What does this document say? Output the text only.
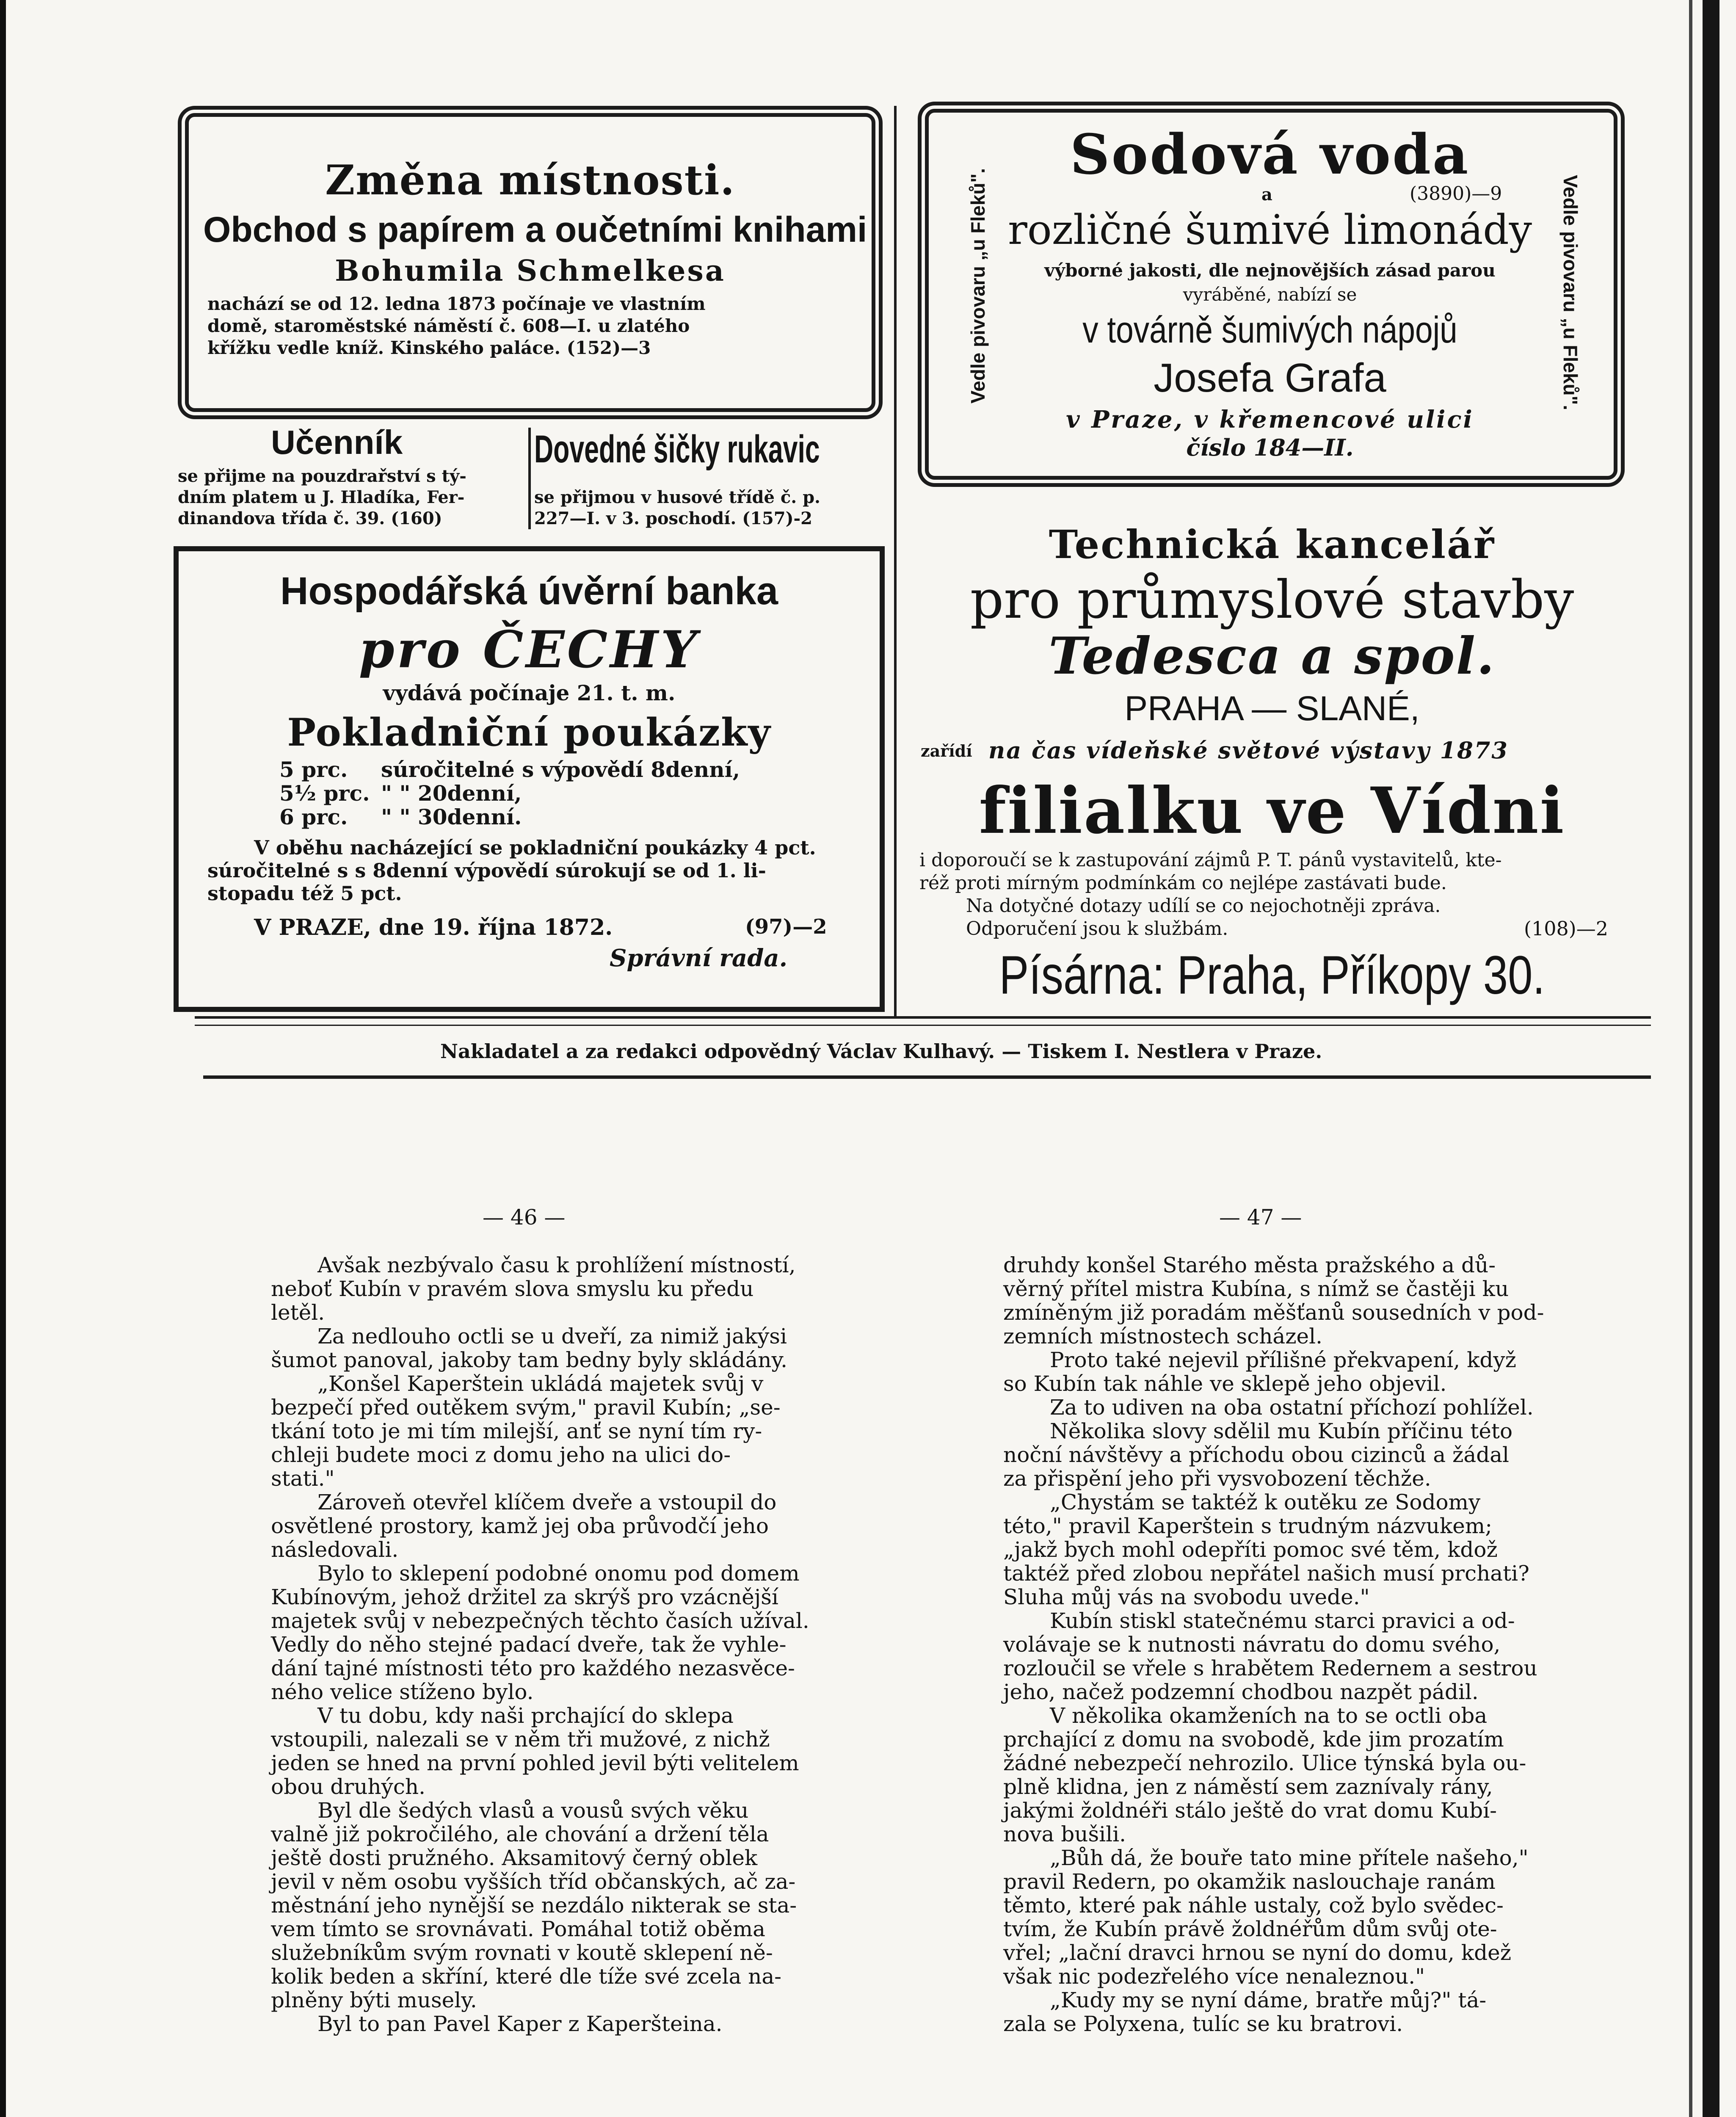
Změna místnosti.
Obchod s papírem a oučetními knihami
Bohumila Schmelkesa

nachází se od 12. ledna 1873 počínaje ve vlastním

domě, staroměstské náměstí č. 608—I. u zlatého

křížku vedle kníž. Kinského paláce. (152)—3

Učenník

se přijme na pouzdrařství s tý-

dním platem u J. Hladíka, Fer-

dinandova třída č. 39. (160)

Dovedné šičky rukavic

se přijmou v husové třídě č. p.

227—I. v 3. poschodí. (157)-2

Hospodářská úvěrní banka
pro ČECHY
vydává počínaje 21. t. m.
Pokladniční poukázky

5 prc. súročitelné s výpovědí 8denní,

5½ prc. " " 20denní,

6 prc. " " 30denní.

V oběhu nacházející se pokladniční poukázky 4 pct.

súročitelné s s 8denní výpovědí súrokují se od 1. li-

stopadu též 5 pct.

V PRAZE, dne 19. října 1872.	(97)—2
Správní rada.
Sodová voda
a	(3890)—9
rozličné šumivé limonády
výborné jakosti, dle nejnovějších zásad parou
vyráběné, nabízí se
v továrně šumivých nápojů
Josefa Grafa
v Praze, v křemencové ulici
číslo 184—II.
Vedle pivovaru „u Fleků".	Vedle pivovaru „u Fleků".
Technická kancelář
pro průmyslové stavby
Tedesca a spol.
PRAHA — SLANÉ,
zařídí na čas vídeňské světové výstavy 1873
filialku ve Vídni

i doporoučí se k zastupování zájmů P. T. pánů vystavitelů, kte-

réž proti mírným podmínkám co nejlépe zastávati bude.

Na dotyčné dotazy udílí se co nejochotněji zpráva.

Odporučení jsou k službám.	(108)—2
Písárna: Praha, Příkopy 30.
Nakladatel a za redakci odpovědný Václav Kulhavý. — Tiskem I. Nestlera v Praze.
— 46 —

Avšak nezbývalo času k prohlížení místností,

neboť Kubín v pravém slova smyslu ku předu

letěl.

Za nedlouho octli se u dveří, za nimiž jakýsi

šumot panoval, jakoby tam bedny byly skládány.

„Konšel Kaperštein ukládá majetek svůj v

bezpečí před outěkem svým," pravil Kubín; „se-

tkání toto je mi tím milejší, anť se nyní tím ry-

chleji budete moci z domu jeho na ulici do-

stati."

Zároveň otevřel klíčem dveře a vstoupil do

osvětlené prostory, kamž jej oba průvodčí jeho

následovali.

Bylo to sklepení podobné onomu pod domem

Kubínovým, jehož držitel za skrýš pro vzácnější

majetek svůj v nebezpečných těchto časích užíval.

Vedly do něho stejné padací dveře, tak že vyhle-

dání tajné místnosti této pro každého nezasvěce-

ného velice stíženo bylo.

V tu dobu, kdy naši prchající do sklepa

vstoupili, nalezali se v něm tři mužové, z nichž

jeden se hned na první pohled jevil býti velitelem

obou druhých.

Byl dle šedých vlasů a vousů svých věku

valně již pokročilého, ale chování a držení těla

ještě dosti pružného. Aksamitový černý oblek

jevil v něm osobu vyšších tříd občanských, ač za-

městnání jeho nynější se nezdálo nikterak se sta-

vem tímto se srovnávati. Pomáhal totiž oběma

služebníkům svým rovnati v koutě sklepení ně-

kolik beden a skříní, které dle tíže své zcela na-

plněny býti musely.

Byl to pan Pavel Kaper z Kaperšteina.

— 47 —

druhdy konšel Starého města pražského a dů-

věrný přítel mistra Kubína, s nímž se častěji ku

zmíněným již poradám měšťanů sousedních v pod-

zemních místnostech scházel.

Proto také nejevil přílišné překvapení, když

so Kubín tak náhle ve sklepě jeho objevil.

Za to udiven na oba ostatní příchozí pohlížel.

Několika slovy sdělil mu Kubín příčinu této

noční návštěvy a příchodu obou cizinců a žádal

za přispění jeho při vysvobození těchže.

„Chystám se taktéž k outěku ze Sodomy

této," pravil Kaperštein s trudným názvukem;

„jakž bych mohl odepříti pomoc své těm, kdož

taktéž před zlobou nepřátel našich musí prchati?

Sluha můj vás na svobodu uvede."

Kubín stiskl statečnému starci pravici a od-

volávaje se k nutnosti návratu do domu svého,

rozloučil se vřele s hrabětem Redernem a sestrou

jeho, načež podzemní chodbou nazpět pádil.

V několika okamženích na to se octli oba

prchající z domu na svobodě, kde jim prozatím

žádné nebezpečí nehrozilo. Ulice týnská byla ou-

plně klidna, jen z náměstí sem zaznívaly rány,

jakými žoldnéři stálo ještě do vrat domu Kubí-

nova bušili.

„Bůh dá, že bouře tato mine přítele našeho,"

pravil Redern, po okamžik naslouchaje ranám

těmto, které pak náhle ustaly, což bylo svědec-

tvím, že Kubín právě žoldnéřům dům svůj ote-

vřel; „lační dravci hrnou se nyní do domu, kdež

však nic podezřelého více nenaleznou."

„Kudy my se nyní dáme, bratře můj?" tá-

zala se Polyxena, tulíc se ku bratrovi.
